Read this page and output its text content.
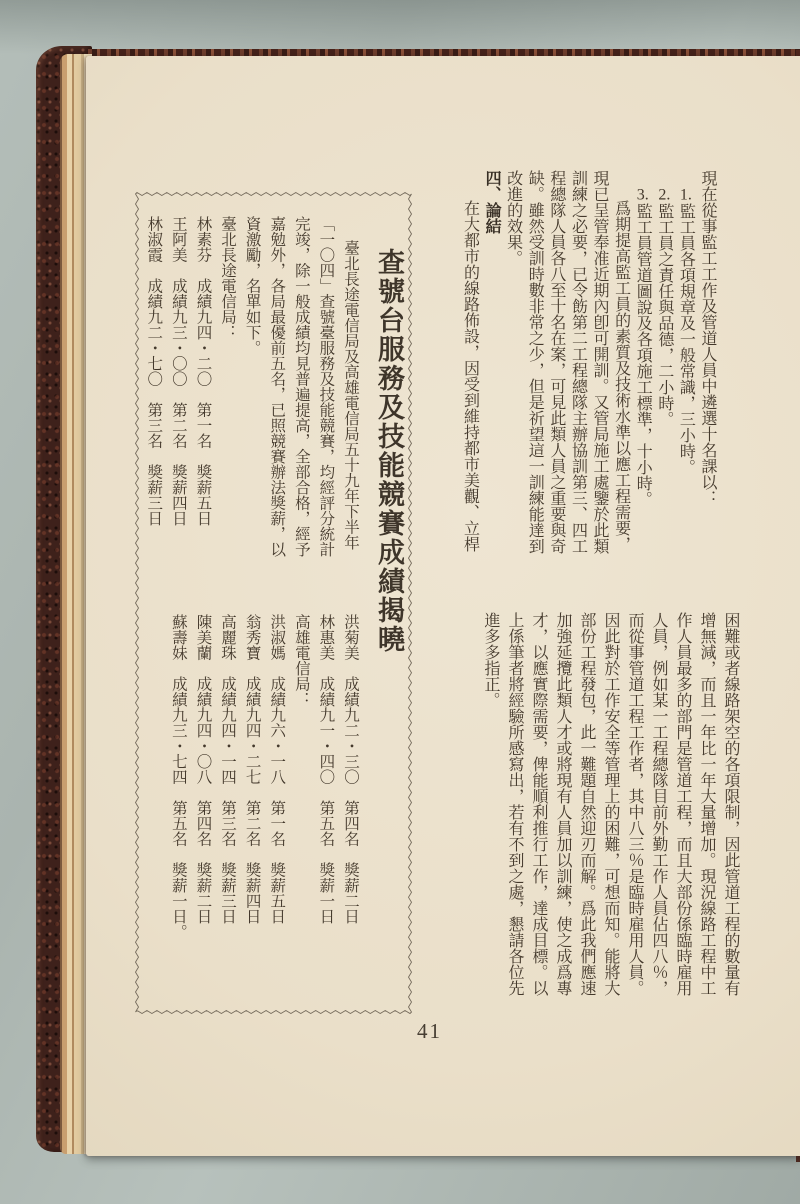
現在從事監工工作及管道人員中遴選十名課以：
1.監工員各項規章及一般常識，三小時。
2.監工員之責任與品德，二小時。
3.監工員管道圖說及各項施工標準，十小時。
爲期提高監工員的素質及技術水準以應工程需要，
現已呈管奉准近期內卽可開訓。又管局施工處鑒於此類
訓練之必要，已令飭第二工程總隊主辦協訓第三、四工
程總隊人員各八至十名在案，可見此類人員之重要與奇
缺。雖然受訓時數非常之少，但是祈望這一訓練能達到
改進的效果。
四、論結
在大都市的線路佈設，因受到維持都市美觀、立桿
困難或者線路架空的各項限制，因此管道工程的數量有
增無減，而且一年比一年大量增加。現況線路工程中工
作人員最多的部門是管道工程，而且大部份係臨時雇用
人員，例如某一工程總隊目前外勤工作人員佔四八％，
而從事管道工程工作者，其中八三％是臨時雇用人員。
因此對於工作安全等管理上的困難，可想而知。能將大
部份工程發包，此一難題自然迎刃而解。爲此我們應速
加強延攬此類人才或將現有人員加以訓練，使之成爲專
才，以應實際需要，俾能順利推行工作，達成目標。以
上係筆者將經驗所感寫出，若有不到之處，懇請各位先
進多多指正。
查號台服務及技能競賽成績揭曉
臺北長途電信局及高雄電信局五十九年下半年
「一〇四」查號臺服務及技能競賽，均經評分統計
完竣，除一般成績均見普遍提高，全部合格，經予
嘉勉外，各局最優前五名，已照競賽辦法獎薪，以
資激勵，名單如下。
臺北長途電信局：
林素芬　成績九四・二〇　第一名　獎薪五日
王阿美　成績九三・〇〇　第二名　獎薪四日
林淑霞　成績九二・七〇　第三名　獎薪三日
洪菊美　成績九二・三〇　第四名　獎薪二日
林惠美　成績九一・四〇　第五名　獎薪一日
高雄電信局：
洪淑媽　成績九六・一八　第一名　獎薪五日
翁秀寶　成績九四・二七　第二名　獎薪四日
高麗珠　成績九四・一四　第三名　獎薪三日
陳美蘭　成績九四・〇八　第四名　獎薪二日
蘇壽妹　成績九三・七四　第五名　獎薪一日。
41
